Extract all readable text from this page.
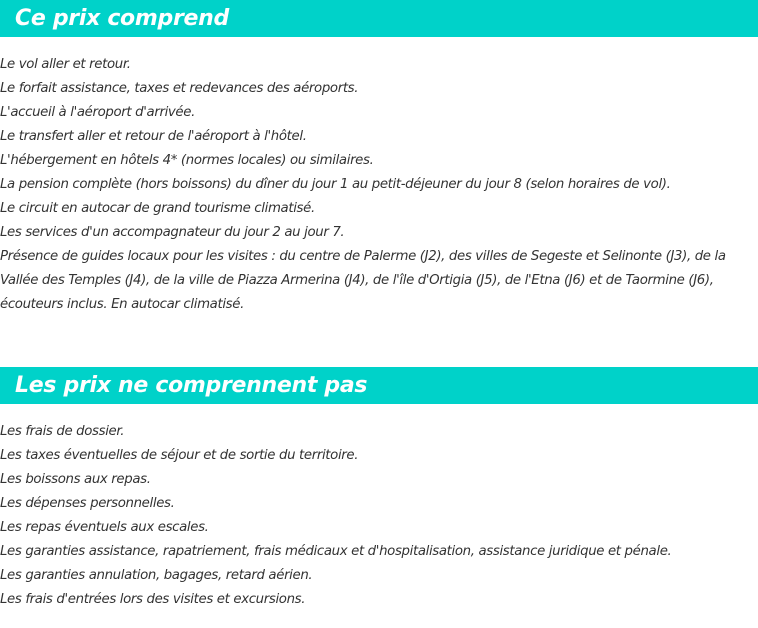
Ce prix comprend
Le vol aller et retour.
Le forfait assistance, taxes et redevances des aéroports.
L'accueil à l'aéroport d'arrivée.
Le transfert aller et retour de l'aéroport à l'hôtel.
L'hébergement en hôtels 4* (normes locales) ou similaires.
La pension complète (hors boissons) du dîner du jour 1 au petit-déjeuner du jour 8 (selon horaires de vol).
Le circuit en autocar de grand tourisme climatisé.
Les services d'un accompagnateur du jour 2 au jour 7.
Présence de guides locaux pour les visites : du centre de Palerme (J2), des villes de Segeste et Selinonte (J3), de la Vallée des Temples (J4), de la ville de Piazza Armerina (J4), de l'île d'Ortigia (J5), de l'Etna (J6) et de Taormine (J6), écouteurs inclus. En autocar climatisé.
Les prix ne comprennent pas
Les frais de dossier.
Les taxes éventuelles de séjour et de sortie du territoire.
Les boissons aux repas.
Les dépenses personnelles.
Les repas éventuels aux escales.
Les garanties assistance, rapatriement, frais médicaux et d'hospitalisation, assistance juridique et pénale.
Les garanties annulation, bagages, retard aérien.
Les frais d'entrées lors des visites et excursions.
